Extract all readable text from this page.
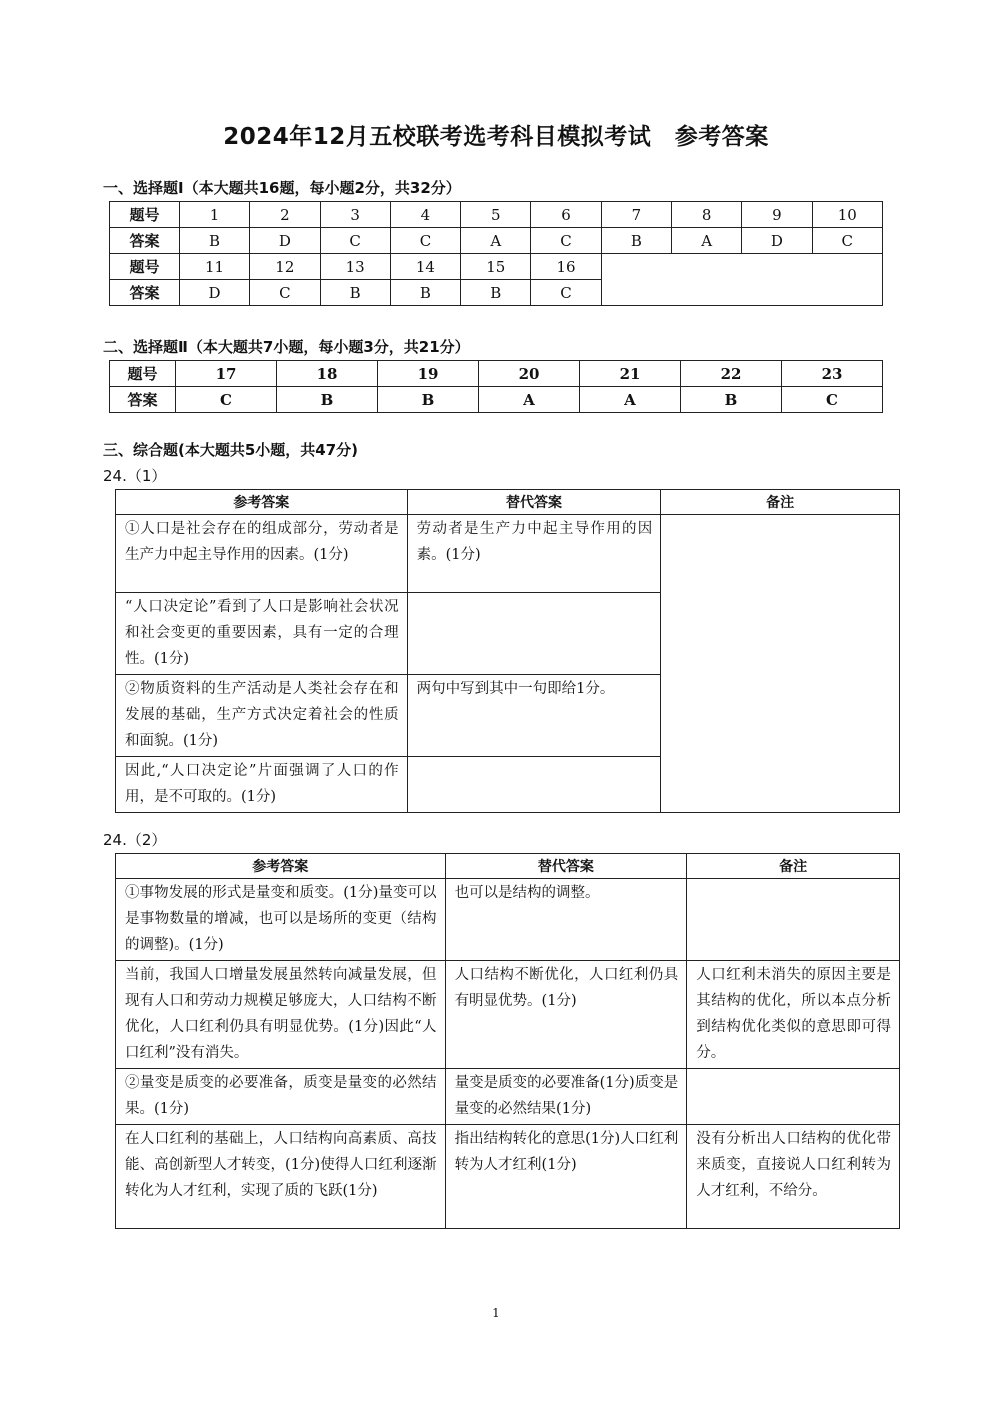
2024年12月五校联考选考科目模拟考试　参考答案
一、选择题Ⅰ（本大题共16题，每小题2分，共32分）
题号	1	2	3	4	5	6	7	8	9	10
答案	B	D	C	C	A	C	B	A	D	C
题号	11	12	13	14	15	16				
答案	D	C	B	B	B	C				
二、选择题Ⅱ（本大题共7小题，每小题3分，共21分）
题号	17	18	19	20	21	22	23
答案	C	B	B	A	A	B	C
三、综合题(本大题共5小题，共47分)
24.（1）
参考答案	替代答案	备注
①人口是社会存在的组成部分，劳动者是生产力中起主导作用的因素。(1分)	劳动者是生产力中起主导作用的因素。(1分)	
“人口决定论”看到了人口是影响社会状况和社会变更的重要因素，具有一定的合理性。(1分)		
②物质资料的生产活动是人类社会存在和发展的基础，生产方式决定着社会的性质和面貌。(1分)	两句中写到其中一句即给1分。	
因此,“人口决定论”片面强调了人口的作用，是不可取的。(1分)		
24.（2）
参考答案	替代答案	备注
①事物发展的形式是量变和质变。(1分)量变可以是事物数量的增减，也可以是场所的变更（结构的调整)。(1分)	也可以是结构的调整。	
当前，我国人口增量发展虽然转向减量发展，但现有人口和劳动力规模足够庞大，人口结构不断优化，人口红利仍具有明显优势。(1分)因此“人口红利”没有消失。	人口结构不断优化，人口红利仍具有明显优势。(1分)	人口红利未消失的原因主要是其结构的优化，所以本点分析到结构优化类似的意思即可得分。
②量变是质变的必要准备，质变是量变的必然结果。(1分)	量变是质变的必要准备(1分)质变是量变的必然结果(1分)	
在人口红利的基础上，人口结构向高素质、高技能、高创新型人才转变，(1分)使得人口红利逐渐转化为人才红利，实现了质的飞跃(1分)	指出结构转化的意思(1分)人口红利转为人才红利(1分)	没有分析出人口结构的优化带来质变，直接说人口红利转为人才红利，不给分。
1
